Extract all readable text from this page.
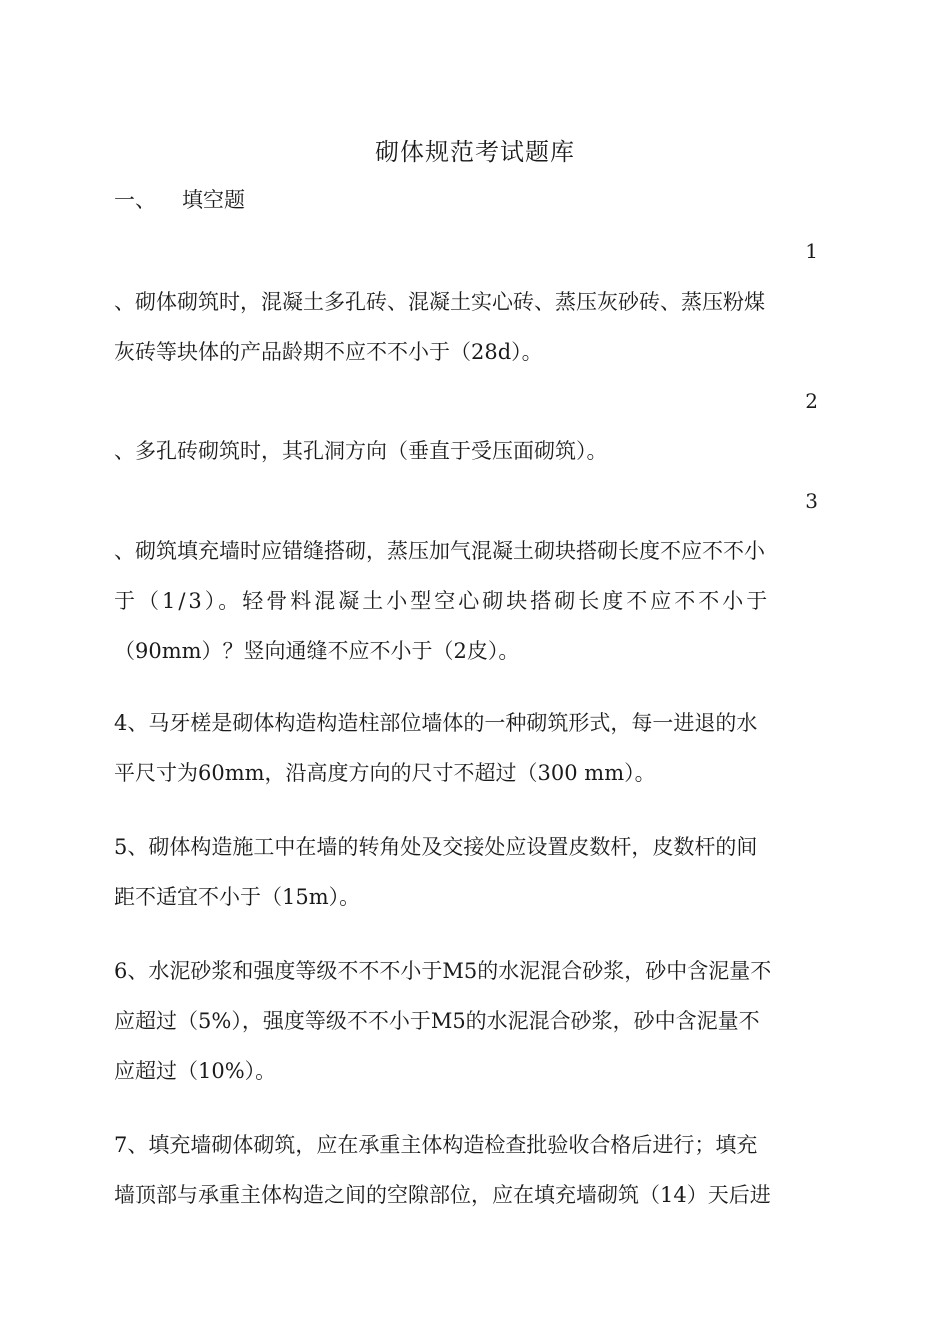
砌体规范考试题库
一、 填空题
1
、砌体砌筑时，混凝土多孔砖、混凝土实心砖、蒸压灰砂砖、蒸压粉煤
灰砖等块体的产品龄期不应不不小于（28d）。
2
、多孔砖砌筑时，其孔洞方向（垂直于受压面砌筑）。
3
、砌筑填充墙时应错缝搭砌，蒸压加气混凝土砌块搭砌长度不应不不小
于（1/3）。轻骨料混凝土小型空心砌块搭砌长度不应不不小于
（90mm）？竖向通缝不应不小于（2皮）。
4、马牙槎是砌体构造构造柱部位墙体的一种砌筑形式，每一进退的水
平尺寸为60mm，沿高度方向的尺寸不超过（300 mm）。
5、砌体构造施工中在墙的转角处及交接处应设置皮数杆，皮数杆的间
距不适宜不小于（15m）。
6、水泥砂浆和强度等级不不不小于M5的水泥混合砂浆，砂中含泥量不
应超过（5%），强度等级不不小于M5的水泥混合砂浆，砂中含泥量不
应超过（10%）。
7、填充墙砌体砌筑，应在承重主体构造检查批验收合格后进行；填充
墙顶部与承重主体构造之间的空隙部位，应在填充墙砌筑（14）天后进
